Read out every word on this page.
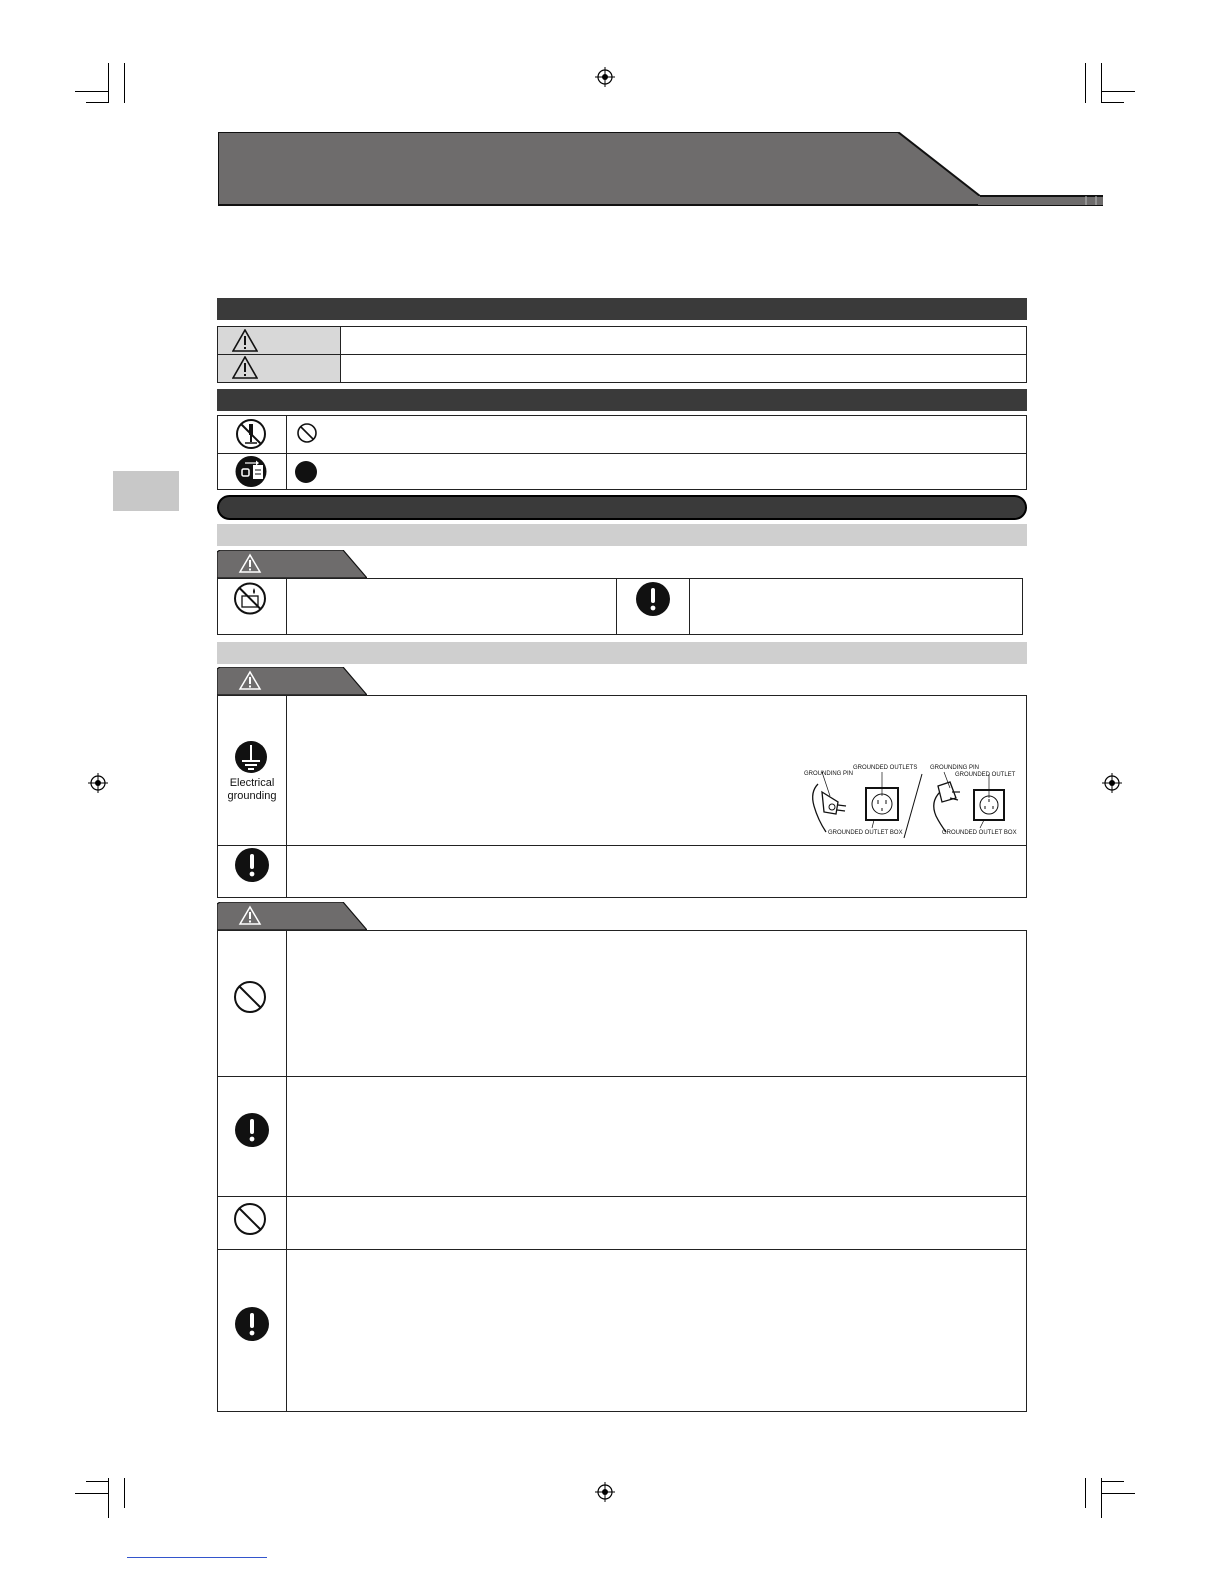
Electrical
grounding
GROUNDING PIN
GROUNDED OUTLETS
GROUNDED OUTLET BOX
GROUNDING PIN
GROUNDED OUTLET
GROUNDED OUTLET BOX
